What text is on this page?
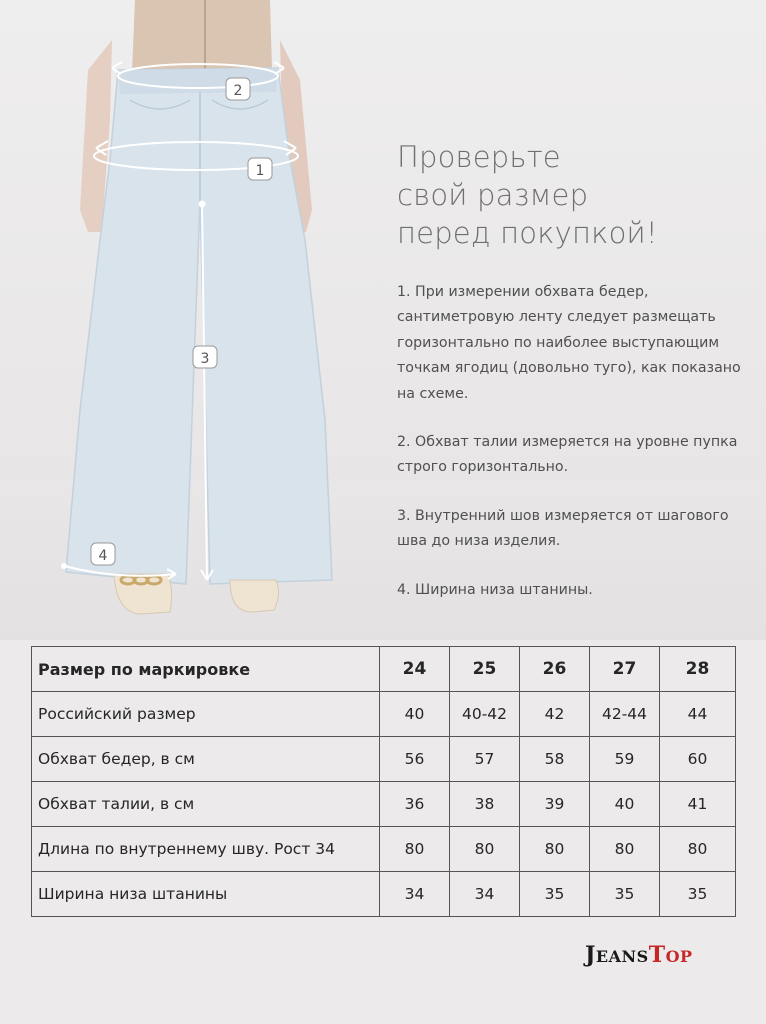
2
1
3
4
Проверьте
свой размер
перед покупкой!

1. При измерении обхвата бедер, сантиметровую ленту следует размещать горизонтально по наиболее выступающим точкам ягодиц (довольно туго), как показано на схеме.

2. Обхват талии измеряется на уровне пупка строго горизонтально.

3. Внутренний шов измеряется от шагового шва до низа изделия.

4. Ширина низа штанины.

Размер по маркировке	24	25	26	27	28
Российский размер	40	40-42	42	42-44	44
Обхват бедер, в см	56	57	58	59	60
Обхват талии, в см	36	38	39	40	41
Длина по внутреннему шву. Рост 34	80	80	80	80	80
Ширина низа штанины	34	34	35	35	35
JEANSTOP
